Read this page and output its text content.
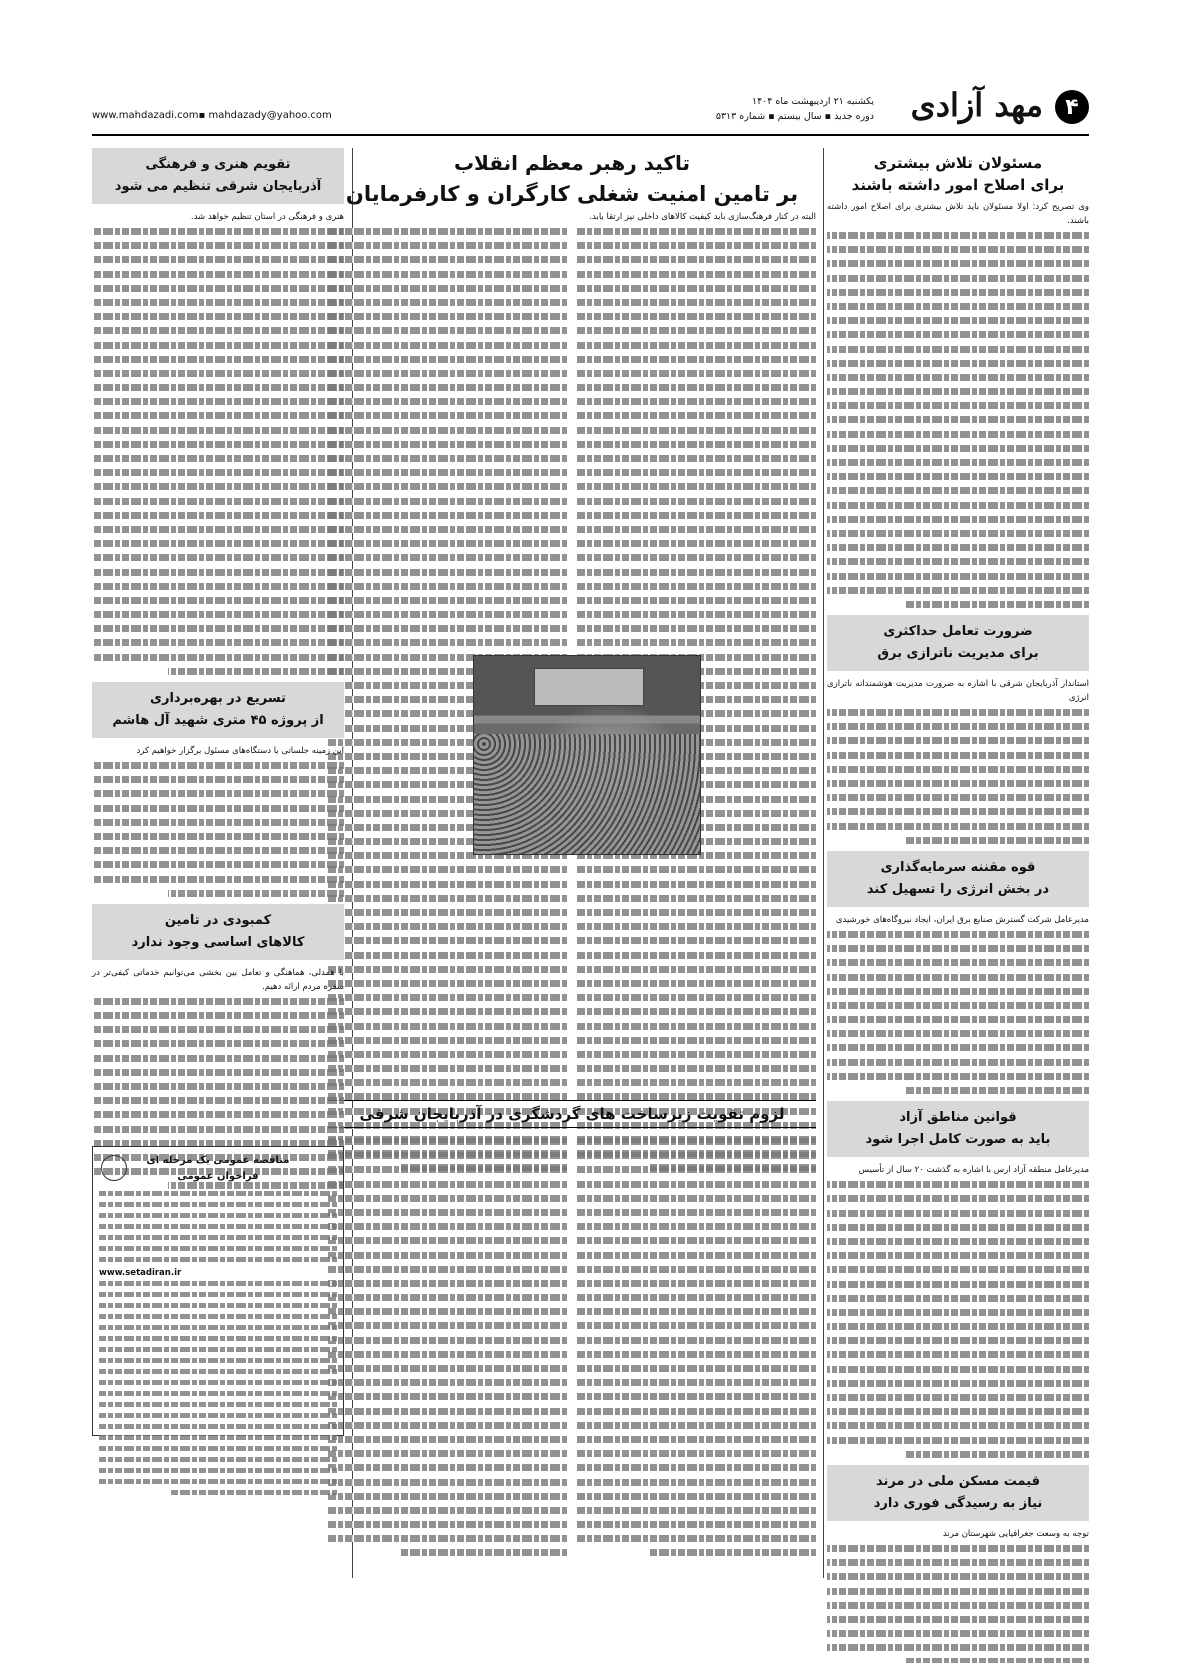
۴
مهد آزادی
یکشنبه ۲۱ اردیبهشت ماه ۱۴۰۴
دوره جدید ▪ سال بیستم ▪ شماره ۵۳۱۳
www.mahdazadi.com▪ mahdazady@yahoo.com
مسئولان تلاش بیشتری
برای اصلاح امور داشته باشند
وی تصریح کرد: اولا مسئولان باید تلاش بیشتری برای اصلاح امور داشته باشند.
ضرورت تعامل حداکثری
برای مدیریت ناترازی برق
استاندار آذربایجان شرقی با اشاره به ضرورت مدیریت هوشمندانه ناترازی انرژی
قوه مقننه سرمایه‌گذاری
در بخش انرژی را تسهیل کند
مدیرعامل شرکت گسترش صنایع برق ایران، ایجاد نیروگاه‌های خورشیدی
قوانین مناطق آزاد
باید به صورت کامل اجرا شود
مدیرعامل منطقه آزاد ارس با اشاره به گذشت ۲۰ سال از تأسیس
قیمت مسکن ملی در مرند
نیاز به رسیدگی فوری دارد
توجه به وسعت جغرافیایی شهرستان مرند
تاکید رهبر معظم انقلاب
بر تامین امنیت شغلی کارگران و کارفرمایان
البته در کنار فرهنگ‌سازی باید کیفیت کالاهای داخلی نیز ارتقا یابد.
لزوم تقویت زیرساخت های گردشگری در آذربایجان شرقی
تقویم هنری و فرهنگی
آذربایجان شرقی تنظیم می شود
هنری و فرهنگی در استان تنظیم خواهد شد.
تسریع در بهره‌برداری
از پروژه ۴۵ متری شهید آل هاشم
این زمینه جلساتی با دستگاه‌های مسئول برگزار خواهیم کرد
کمبودی در تامین
کالاهای اساسی وجود ندارد
با همدلی، هماهنگی و تعامل بین بخشی می‌توانیم خدماتی کیفی‌تر در سفره مردم ارائه دهیم.
مناقصه عمومی یک مرحله ای
فراخوان عمومی
www.setadiran.ir
